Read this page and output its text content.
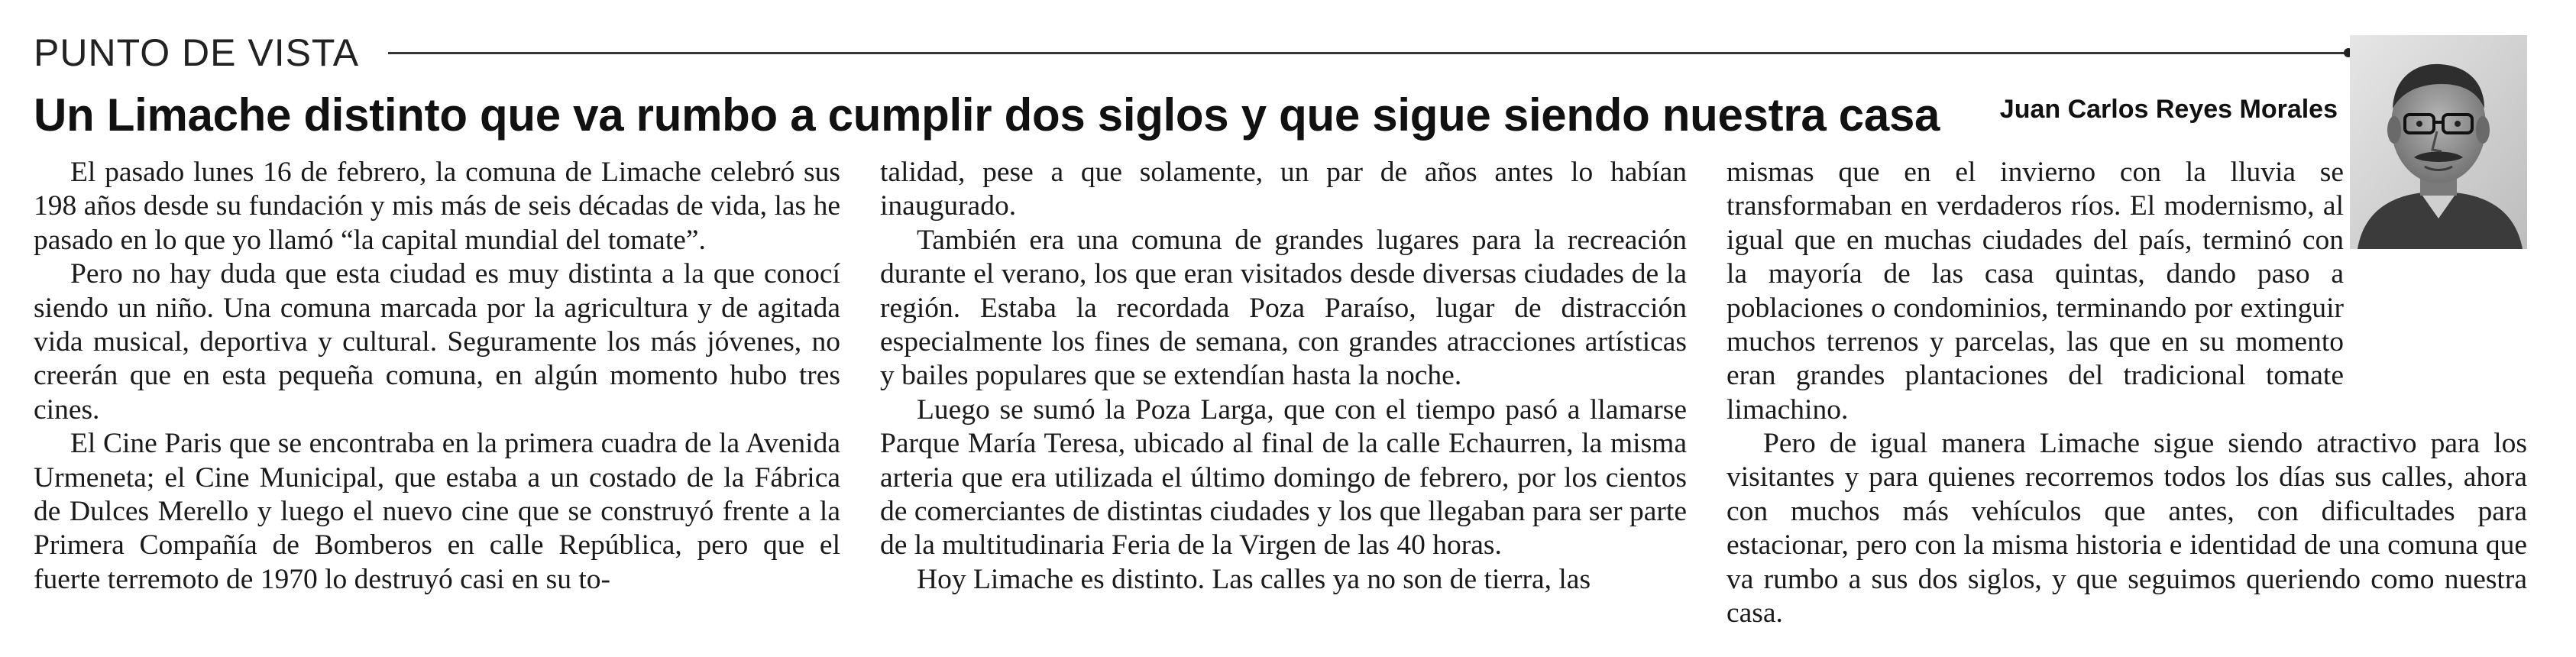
PUNTO DE VISTA
Un Limache distinto que va rumbo a cumplir dos siglos y que sigue siendo nuestra casa	Juan Carlos Reyes Morales

El pasado lunes 16 de febrero, la comuna de Limache celebró sus 198 años desde su fundación y mis más de seis décadas de vida, las he pasado en lo que yo llamó “la capital mundial del tomate”.

Pero no hay duda que esta ciudad es muy distinta a la que conocí siendo un niño. Una comuna marcada por la agricultura y de agitada vida musical, deportiva y cultural. Seguramente los más jóvenes, no creerán que en esta pequeña comuna, en algún momento hubo tres cines.

El Cine Paris que se encontraba en la primera cuadra de la Avenida Urmeneta; el Cine Municipal, que estaba a un costado de la Fábrica de Dulces Merello y luego el nuevo cine que se construyó frente a la Primera Compañía de Bomberos en calle República, pero que el fuerte terremoto de 1970 lo destruyó casi en su to-

talidad, pese a que solamente, un par de años antes lo habían inaugurado.

También era una comuna de grandes lugares para la recreación durante el verano, los que eran visitados desde diversas ciudades de la región. Estaba la recordada Poza Paraíso, lugar de distracción especialmente los fines de semana, con grandes atracciones artísticas y bailes populares que se extendían hasta la noche.

Luego se sumó la Poza Larga, que con el tiempo pasó a llamarse Parque María Teresa, ubicado al final de la calle Echaurren, la misma arteria que era utilizada el último domingo de febrero, por los cientos de comerciantes de distintas ciudades y los que llegaban para ser parte de la multitudinaria Feria de la Virgen de las 40 horas.

Hoy Limache es distinto. Las calles ya no son de tierra, las

mismas que en el invierno con la lluvia se transformaban en verdaderos ríos. El modernismo, al igual que en muchas ciudades del país, terminó con la mayoría de las casa quintas, dando paso a poblaciones o condominios, terminando por extinguir muchos terrenos y parcelas, las que en su momento eran grandes plantaciones del tradicional tomate limachino.

Pero de igual manera Limache sigue siendo atractivo para los visitantes y para quienes recorremos todos los días sus calles, ahora con muchos más vehículos que antes, con dificultades para estacionar, pero con la misma historia e identidad de una comuna que va rumbo a sus dos siglos, y que seguimos queriendo como nuestra casa.
